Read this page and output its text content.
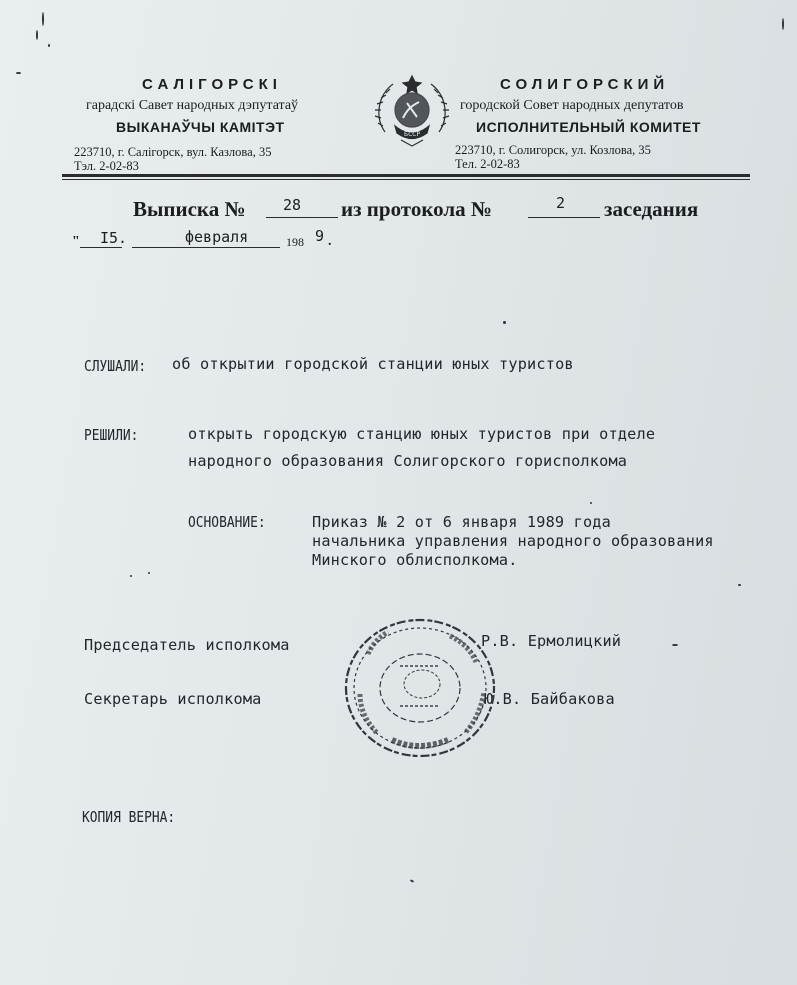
САЛІГОРСКІ
гарадскі Савет народных дэпутатаў
ВЫКАНАЎЧЫ КАМІТЭТ
223710, г. Салігорск, вул. Казлова, 35
Тэл. 2-02-83
БССР
СОЛИГОРСКИЙ
городской Совет народных депутатов
ИСПОЛНИТЕЛЬНЫЙ КОМИТЕТ
223710, г. Солигорск, ул. Козлова, 35
Тел. 2-02-83
Выписка № 28 из протокола №	2 заседания
" I5.	февраля	198 9 .
СЛУШАЛИ: об открытии городской станции юных туристов
РЕШИЛИ:	открыть городскую станцию юных туристов при отделе
народного образования Солигорского горисполкома
ОСНОВАНИЕ:	Приказ № 2 от 6 января 1989 года
начальника управления народного образования
Минского облисполкома.
Председатель исполкома	Р.В. Ермолицкий
Секретарь исполкома	Ю.В. Байбакова
КОПИЯ ВЕРНА:
